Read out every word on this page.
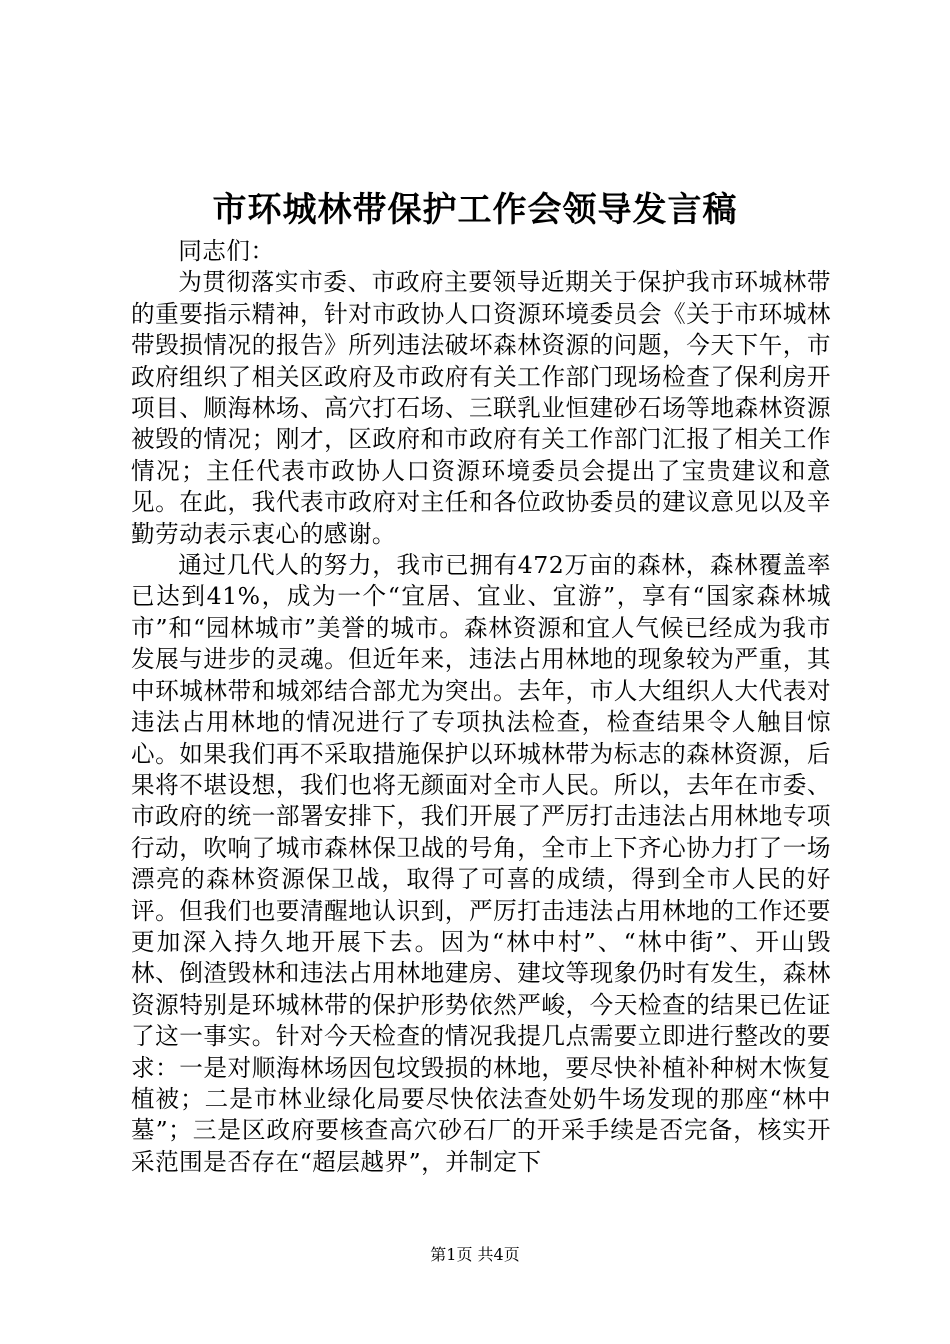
市环城林带保护工作会领导发言稿

同志们：

为贯彻落实市委、市政府主要领导近期关于保护我市环城林带的重要指示精神，针对市政协人口资源环境委员会《关于市环城林带毁损情况的报告》所列违法破坏森林资源的问题，今天下午，市政府组织了相关区政府及市政府有关工作部门现场检查了保利房开项目、顺海林场、高穴打石场、三联乳业恒建砂石场等地森林资源被毁的情况；刚才，区政府和市政府有关工作部门汇报了相关工作情况；主任代表市政协人口资源环境委员会提出了宝贵建议和意见。在此，我代表市政府对主任和各位政协委员的建议意见以及辛勤劳动表示衷心的感谢。

通过几代人的努力，我市已拥有472万亩的森林，森林覆盖率已达到41%，成为一个“宜居、宜业、宜游”，享有“国家森林城市”和“园林城市”美誉的城市。森林资源和宜人气候已经成为我市发展与进步的灵魂。但近年来，违法占用林地的现象较为严重，其中环城林带和城郊结合部尤为突出。去年，市人大组织人大代表对违法占用林地的情况进行了专项执法检查，检查结果令人触目惊心。如果我们再不采取措施保护以环城林带为标志的森林资源，后果将不堪设想，我们也将无颜面对全市人民。所以，去年在市委、市政府的统一部署安排下，我们开展了严厉打击违法占用林地专项行动，吹响了城市森林保卫战的号角，全市上下齐心协力打了一场漂亮的森林资源保卫战，取得了可喜的成绩，得到全市人民的好评。但我们也要清醒地认识到，严厉打击违法占用林地的工作还要更加深入持久地开展下去。因为“林中村”、“林中街”、开山毁林、倒渣毁林和违法占用林地建房、建坟等现象仍时有发生，森林资源特别是环城林带的保护形势依然严峻，今天检查的结果已佐证了这一事实。针对今天检查的情况我提几点需要立即进行整改的要求：一是对顺海林场因包坟毁损的林地，要尽快补植补种树木恢复植被；二是市林业绿化局要尽快依法查处奶牛场发现的那座“林中墓”；三是区政府要核查高穴砂石厂的开采手续是否完备，核实开采范围是否存在“超层越界”，并制定下

第1页 共4页
